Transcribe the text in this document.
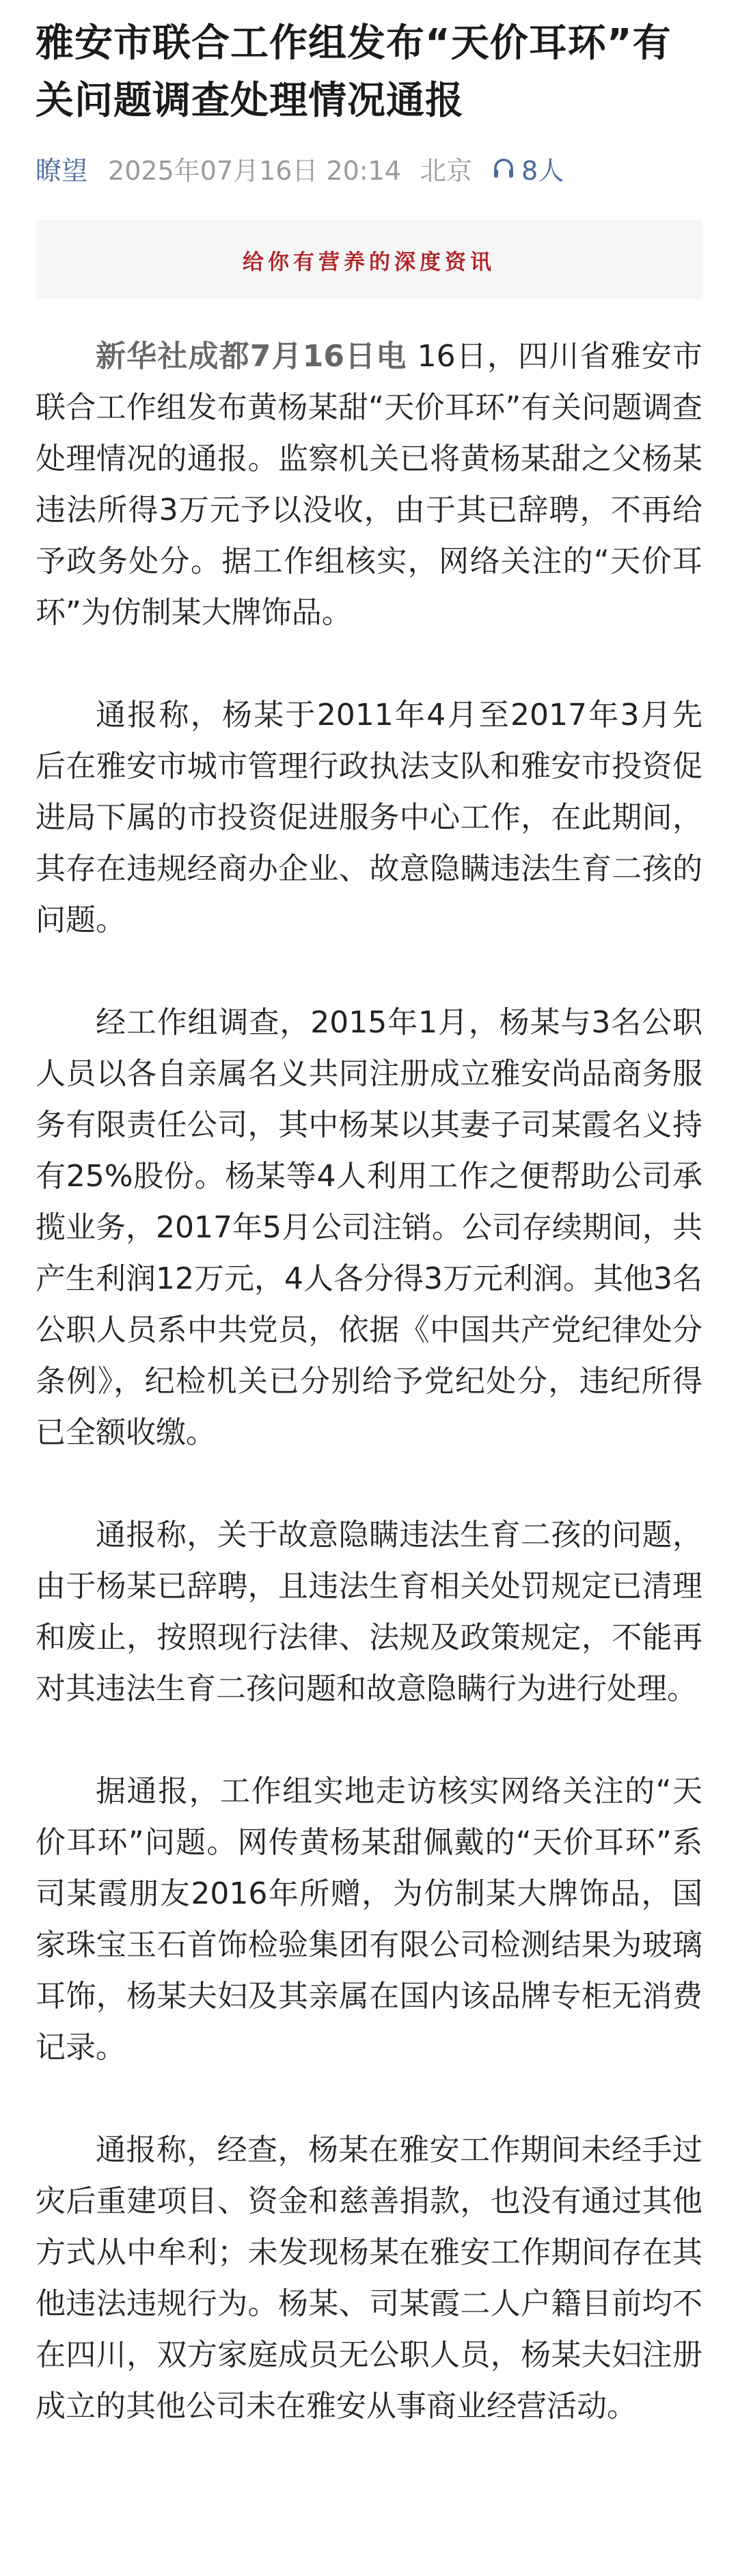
雅安市联合工作组发布“天价耳环”有关问题调查处理情况通报
瞭望 2025年07月16日 20:14 北京 8人
给你有营养的深度资讯

新华社成都7月16日电 16日，四川省雅安市联合工作组发布黄杨某甜“天价耳环”有关问题调查处理情况的通报。监察机关已将黄杨某甜之父杨某违法所得3万元予以没收，由于其已辞聘，不再给予政务处分。据工作组核实，网络关注的“天价耳环”为仿制某大牌饰品。

通报称，杨某于2011年4月至2017年3月先后在雅安市城市管理行政执法支队和雅安市投资促进局下属的市投资促进服务中心工作，在此期间，其存在违规经商办企业、故意隐瞒违法生育二孩的问题。

经工作组调查，2015年1月，杨某与3名公职人员以各自亲属名义共同注册成立雅安尚品商务服务有限责任公司，其中杨某以其妻子司某霞名义持有25%股份。杨某等4人利用工作之便帮助公司承揽业务，2017年5月公司注销。公司存续期间，共产生利润12万元，4人各分得3万元利润。其他3名公职人员系中共党员，依据《中国共产党纪律处分条例》，纪检机关已分别给予党纪处分，违纪所得已全额收缴。

通报称，关于故意隐瞒违法生育二孩的问题，由于杨某已辞聘，且违法生育相关处罚规定已清理和废止，按照现行法律、法规及政策规定，不能再对其违法生育二孩问题和故意隐瞒行为进行处理。

据通报，工作组实地走访核实网络关注的“天价耳环”问题。网传黄杨某甜佩戴的“天价耳环”系司某霞朋友2016年所赠，为仿制某大牌饰品，国家珠宝玉石首饰检验集团有限公司检测结果为玻璃耳饰，杨某夫妇及其亲属在国内该品牌专柜无消费记录。

通报称，经查，杨某在雅安工作期间未经手过灾后重建项目、资金和慈善捐款，也没有通过其他方式从中牟利；未发现杨某在雅安工作期间存在其他违法违规行为。杨某、司某霞二人户籍目前均不在四川，双方家庭成员无公职人员，杨某夫妇注册成立的其他公司未在雅安从事商业经营活动。
